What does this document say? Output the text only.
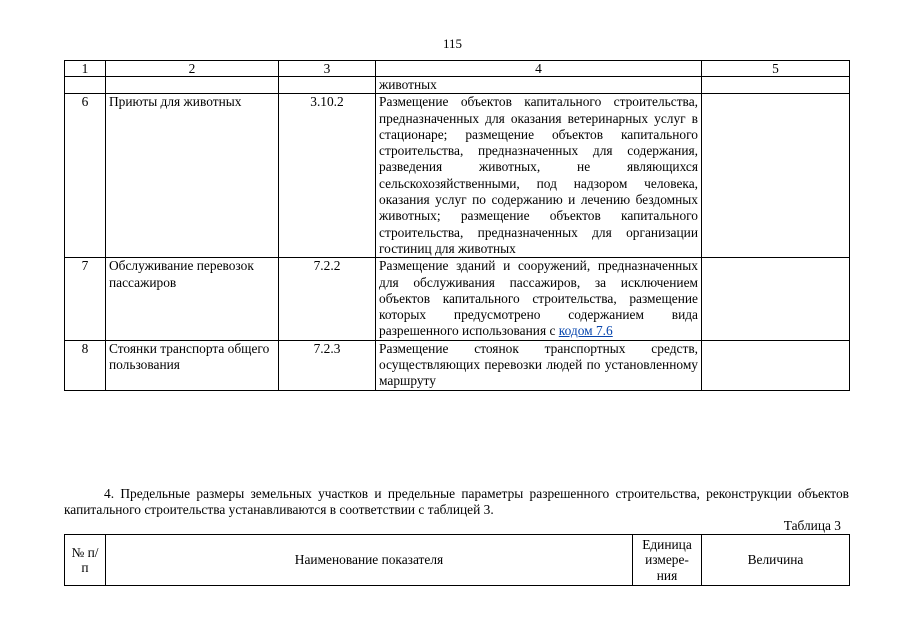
115
1	2	3	4	5
			животных	
6	Приюты для животных	3.10.2	Размещение объектов капитального строительства, предназначенных для оказания ветеринарных услуг в стационаре; размещение объектов капитального строительства, предназначенных для содержания, разведения животных, не являющихся сельскохозяйственными, под надзором человека, оказания услуг по содержанию и лечению бездомных животных; размещение объектов капитального строительства, предназначенных для организации гостиниц для животных	
7	Обслуживание перевозок пассажиров	7.2.2	Размещение зданий и сооружений, предназначенных для обслуживания пассажиров, за исключением объектов капитального строительства, размещение которых предусмотрено содержанием вида разрешенного использования с кодом 7.6	
8	Стоянки транспорта общего пользования	7.2.3	Размещение стоянок транспортных средств, осуществляющих перевозки людей по установленному маршруту	

4. Предельные размеры земельных участков и предельные параметры разрешенного строительства, реконструкции объектов капитального строительства устанавливаются в соответствии с таблицей 3.

Таблица 3
№ п/п	Наименование показателя	Единица измере-ния	Величина
